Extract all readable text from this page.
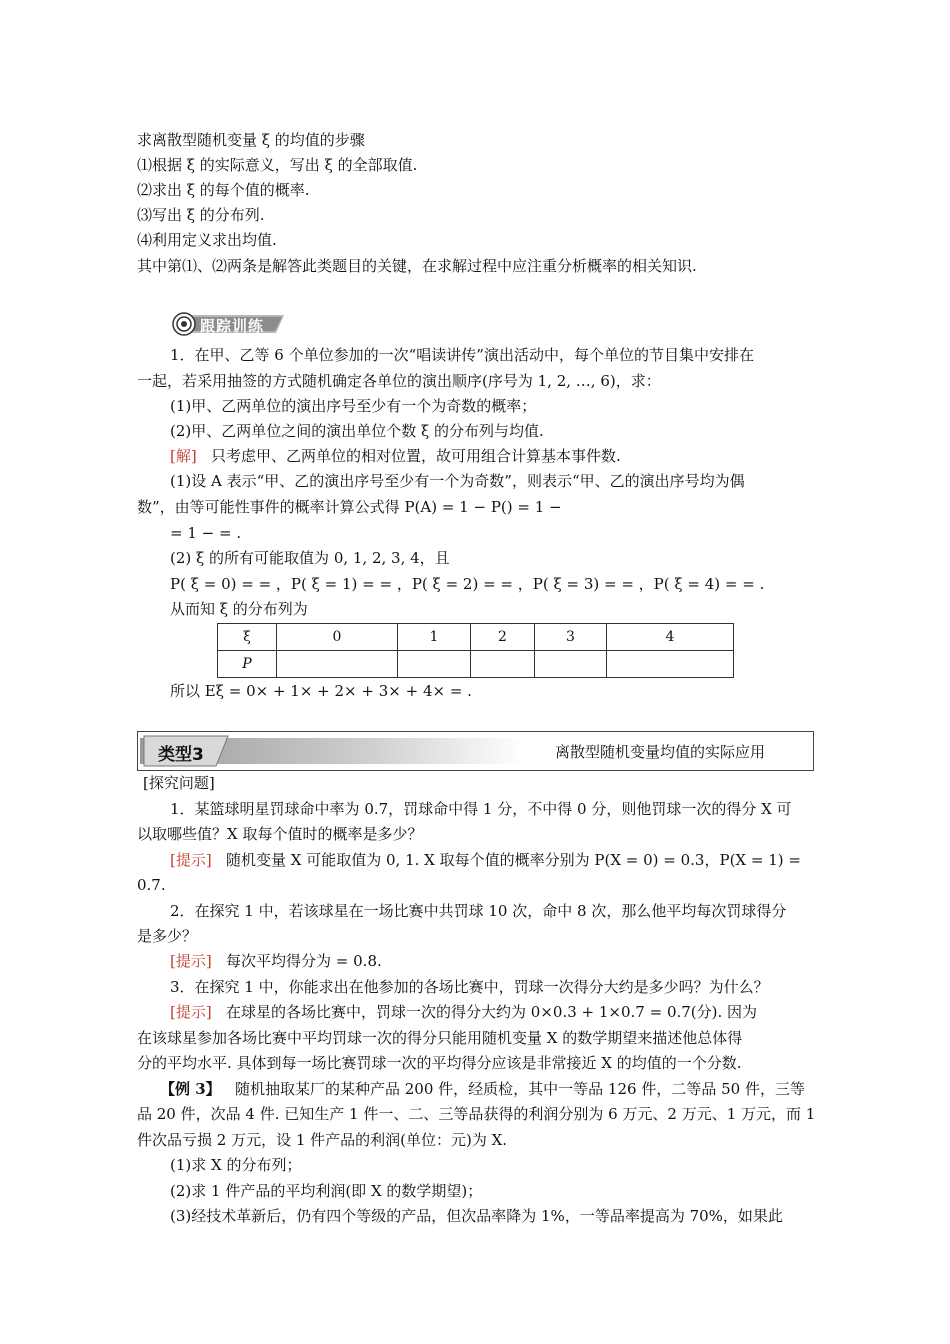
求离散型随机变量 ξ 的均值的步骤
⑴根据 ξ 的实际意义，写出 ξ 的全部取值.
⑵求出 ξ 的每个值的概率.
⑶写出 ξ 的分布列.
⑷利用定义求出均值.
其中第⑴、⑵两条是解答此类题目的关键，在求解过程中应注重分析概率的相关知识.
跟踪训练
1．在甲、乙等 6 个单位参加的一次“唱读讲传”演出活动中，每个单位的节目集中安排在
一起，若采用抽签的方式随机确定各单位的演出顺序(序号为 1, 2, …, 6)，求：
(1)甲、乙两单位的演出序号至少有一个为奇数的概率；
(2)甲、乙两单位之间的演出单位个数 ξ 的分布列与均值.
[解] 只考虑甲、乙两单位的相对位置，故可用组合计算基本事件数.
(1)设 A 表示“甲、乙的演出序号至少有一个为奇数”，则表示“甲、乙的演出序号均为偶
数”，由等可能性事件的概率计算公式得 P(A) = 1 − P() = 1 −
= 1 − = .
(2) ξ 的所有可能取值为 0, 1, 2, 3, 4，且
P( ξ = 0) = = ，P( ξ = 1) = = ，P( ξ = 2) = = ，P( ξ = 3) = = ，P( ξ = 4) = = .
从而知 ξ 的分布列为
ξ	0	1	2	3	4
P					
所以 Eξ = 0× + 1× + 2× + 3× + 4× = .
类型3	离散型随机变量均值的实际应用
[探究问题]
1．某篮球明星罚球命中率为 0.7，罚球命中得 1 分，不中得 0 分，则他罚球一次的得分 X 可
以取哪些值？X 取每个值时的概率是多少？
[提示] 随机变量 X 可能取值为 0, 1. X 取每个值的概率分别为 P(X = 0) = 0.3，P(X = 1) =
0.7.
2．在探究 1 中，若该球星在一场比赛中共罚球 10 次，命中 8 次，那么他平均每次罚球得分
是多少？
[提示] 每次平均得分为 = 0.8.
3．在探究 1 中，你能求出在他参加的各场比赛中，罚球一次得分大约是多少吗？为什么？
[提示] 在球星的各场比赛中，罚球一次的得分大约为 0×0.3 + 1×0.7 = 0.7(分). 因为
在该球星参加各场比赛中平均罚球一次的得分只能用随机变量 X 的数学期望来描述他总体得
分的平均水平. 具体到每一场比赛罚球一次的平均得分应该是非常接近 X 的均值的一个分数.
【例 3】 随机抽取某厂的某种产品 200 件，经质检，其中一等品 126 件，二等品 50 件，三等
品 20 件，次品 4 件. 已知生产 1 件一、二、三等品获得的利润分别为 6 万元、2 万元、1 万元，而 1
件次品亏损 2 万元，设 1 件产品的利润(单位：元)为 X.
(1)求 X 的分布列；
(2)求 1 件产品的平均利润(即 X 的数学期望)；
(3)经技术革新后，仍有四个等级的产品，但次品率降为 1%，一等品率提高为 70%，如果此
